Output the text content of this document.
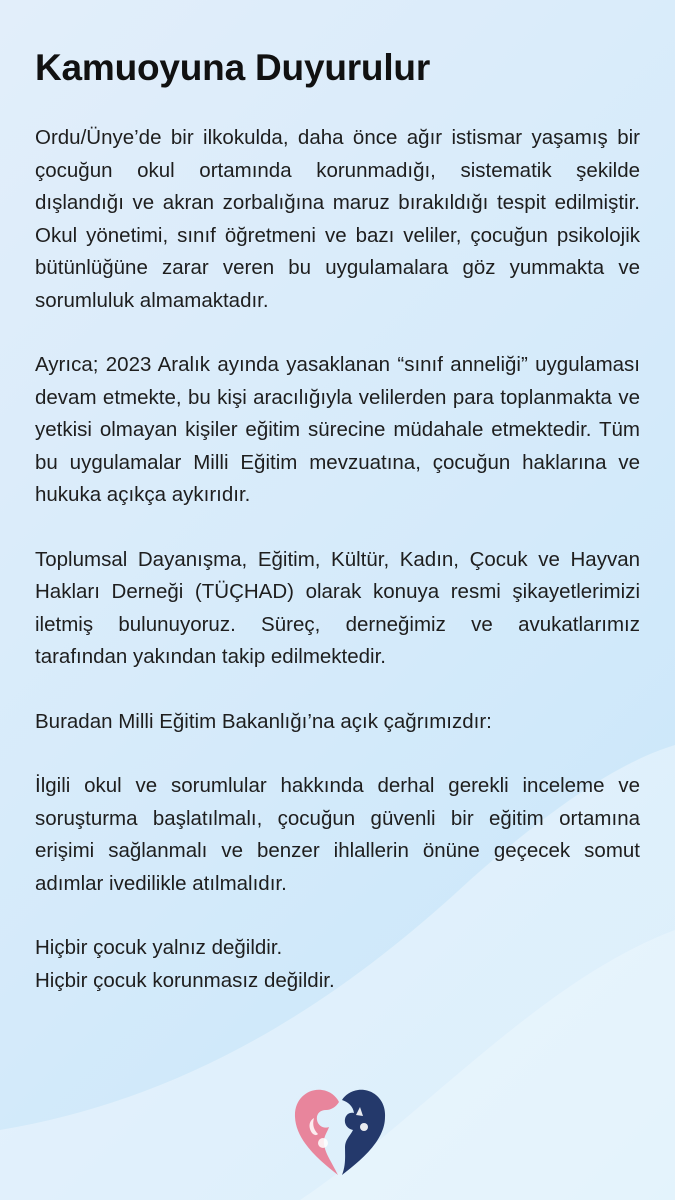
Kamuoyuna Duyurulur

Ordu/Ünye’de bir ilkokulda, daha önce ağır istismar yaşamış bir çocuğun okul ortamında korunmadığı, sistematik şekilde dışlandığı ve akran zorbalığına maruz bırakıldığı tespit edilmiştir. Okul yönetimi, sınıf öğretmeni ve bazı veliler, çocuğun psikolojik bütünlüğüne zarar veren bu uygulamalara göz yummakta ve sorumluluk almamaktadır.

Ayrıca; 2023 Aralık ayında yasaklanan “sınıf anneliği” uygulaması devam etmekte, bu kişi aracılığıyla velilerden para toplanmakta ve yetkisi olmayan kişiler eğitim sürecine müdahale etmektedir. Tüm bu uygulamalar Milli Eğitim mevzuatına, çocuğun haklarına ve hukuka açıkça aykırıdır.

Toplumsal Dayanışma, Eğitim, Kültür, Kadın, Çocuk ve Hayvan Hakları Derneği (TÜÇHAD) olarak konuya resmi şikayetlerimizi iletmiş bulunuyoruz. Süreç, derneğimiz ve avukatlarımız tarafından yakından takip edilmektedir.

Buradan Milli Eğitim Bakanlığı’na açık çağrımızdır:

İlgili okul ve sorumlular hakkında derhal gerekli inceleme ve soruşturma başlatılmalı, çocuğun güvenli bir eğitim ortamına erişimi sağlanmalı ve benzer ihlallerin önüne geçecek somut adımlar ivedilikle atılmalıdır.

Hiçbir çocuk yalnız değildir.
Hiçbir çocuk korunmasız değildir.
